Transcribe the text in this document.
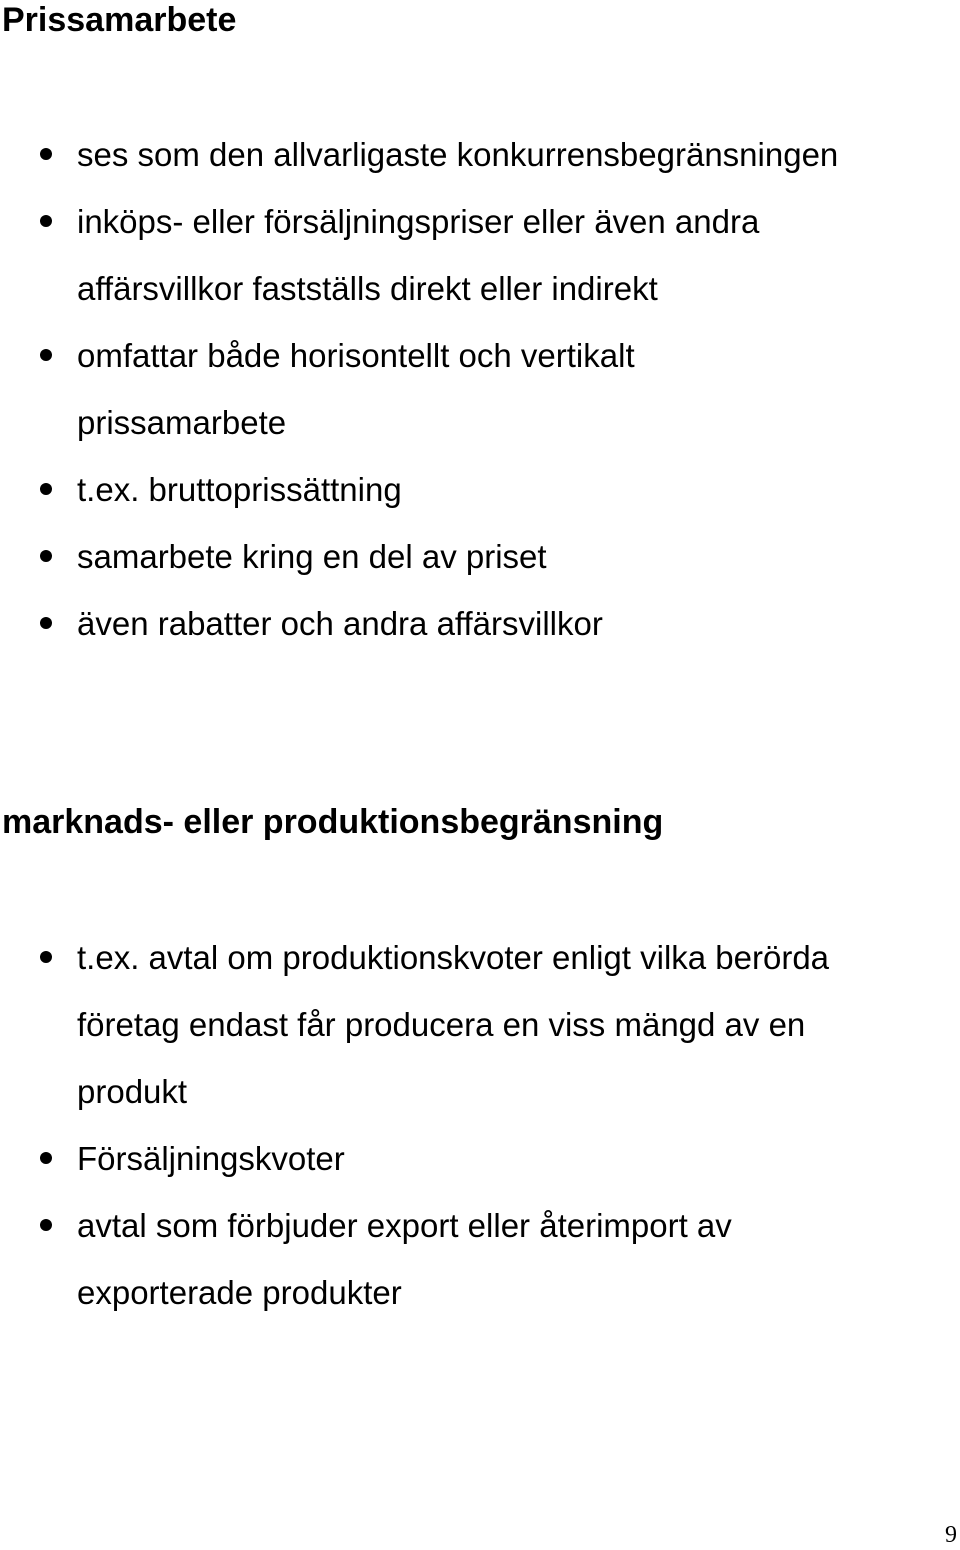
Prissamarbete
ses som den allvarligaste konkurrensbegränsningen
inköps- eller försäljningspriser eller även andra
affärsvillkor fastställs direkt eller indirekt
omfattar både horisontellt och vertikalt
prissamarbete
t.ex. bruttoprissättning
samarbete kring en del av priset
även rabatter och andra affärsvillkor
marknads- eller produktionsbegränsning
t.ex. avtal om produktionskvoter enligt vilka berörda
företag endast får producera en viss mängd av en
produkt
Försäljningskvoter
avtal som förbjuder export eller återimport av
exporterade produkter
9
